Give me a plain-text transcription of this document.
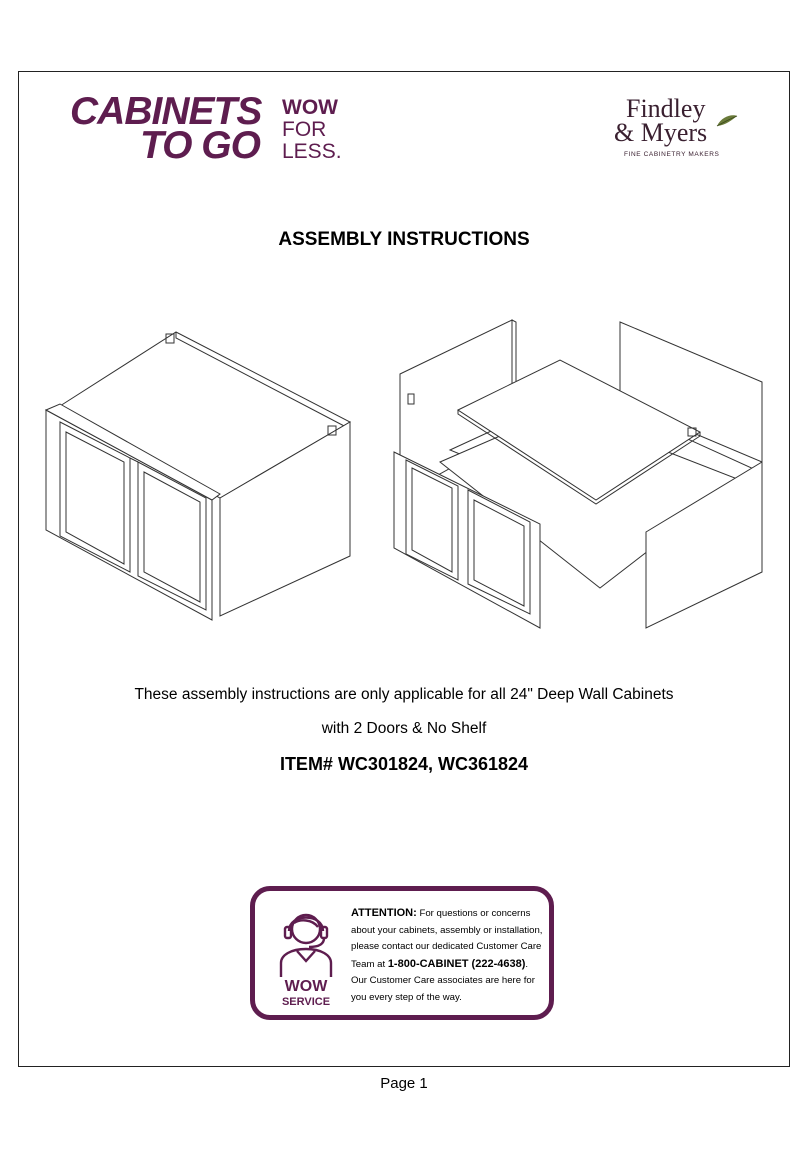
CABINETS
TO GO
WOW
FOR
LESS.
Findley
& Myers
FINE CABINETRY MAKERS
ASSEMBLY INSTRUCTIONS
These assembly instructions are only applicable for all 24" Deep Wall Cabinets
with 2 Doors & No Shelf
ITEM# WC301824, WC361824
WOW
SERVICE
ATTENTION: For questions or concerns
about your cabinets, assembly or installation,
please contact our dedicated Customer Care
Team at 1-800-CABINET (222-4638).
Our Customer Care associates are here for
you every step of the way.
Page 1
